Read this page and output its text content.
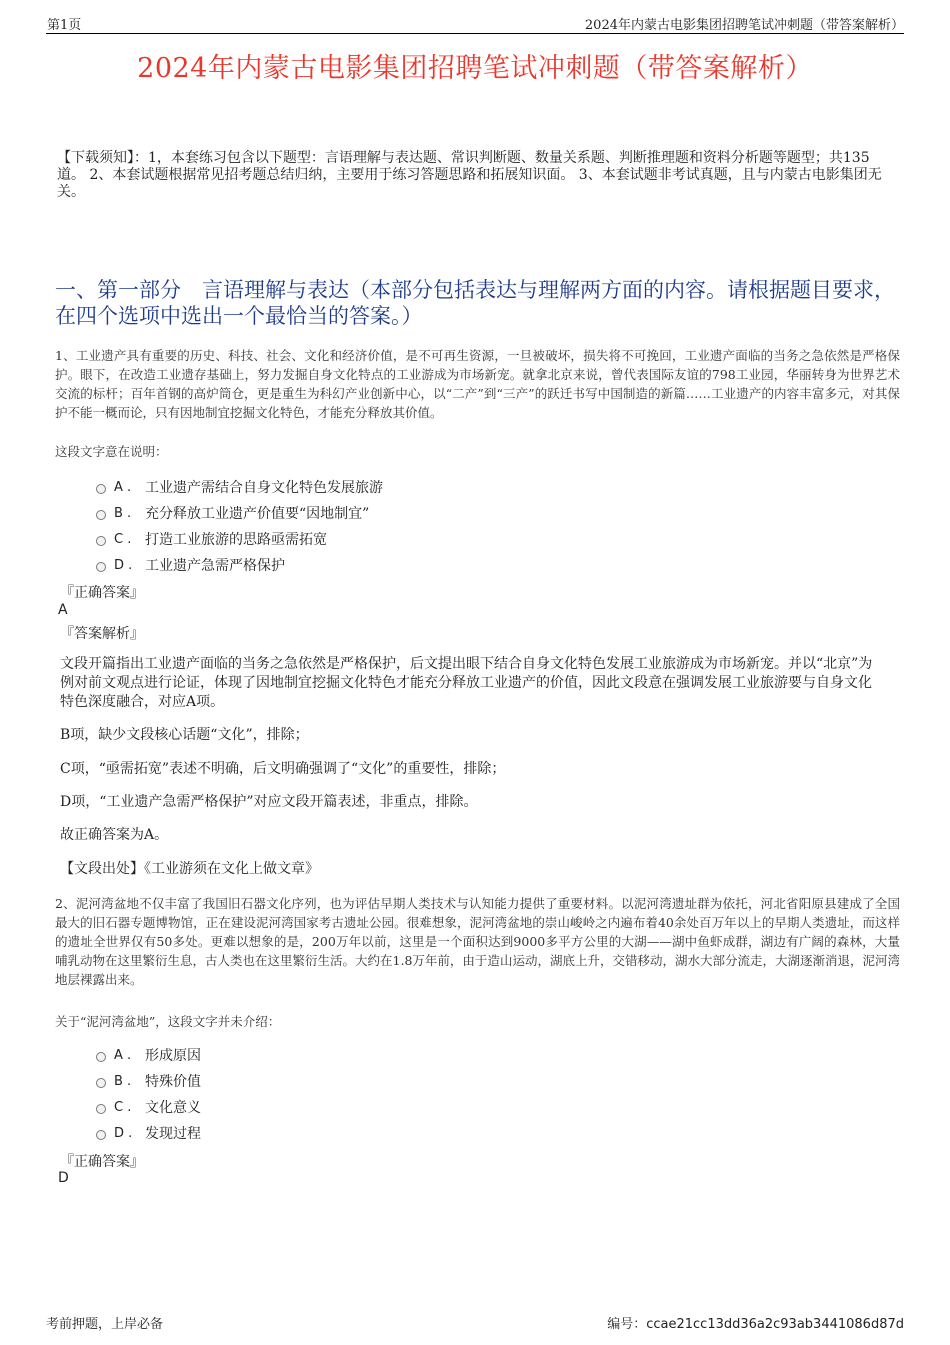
第1页	2024年内蒙古电影集团招聘笔试冲刺题（带答案解析）
2024年内蒙古电影集团招聘笔试冲刺题（带答案解析）
【下载须知】：1，本套练习包含以下题型：言语理解与表达题、常识判断题、数量关系题、判断推理题和资料分析题等题型；共135道。 2、本套试题根据常见招考题总结归纳，主要用于练习答题思路和拓展知识面。 3、本套试题非考试真题，且与内蒙古电影集团无关。
一、第一部分　言语理解与表达（本部分包括表达与理解两方面的内容。请根据题目要求，在四个选项中选出一个最恰当的答案。）
1、工业遗产具有重要的历史、科技、社会、文化和经济价值，是不可再生资源，一旦被破坏，损失将不可挽回，工业遗产面临的当务之急依然是严格保护。眼下，在改造工业遗存基础上，努力发掘自身文化特点的工业游成为市场新宠。就拿北京来说，曾代表国际友谊的798工业园，华丽转身为世界艺术交流的标杆；百年首钢的高炉筒仓，更是重生为科幻产业创新中心，以“二产”到“三产”的跃迁书写中国制造的新篇……工业遗产的内容丰富多元，对其保护不能一概而论，只有因地制宜挖掘文化特色，才能充分释放其价值。
这段文字意在说明：
A . 工业遗产需结合自身文化特色发展旅游
B . 充分释放工业遗产价值要“因地制宜”
C . 打造工业旅游的思路亟需拓宽
D . 工业遗产急需严格保护
『正确答案』
A
『答案解析』
文段开篇指出工业遗产面临的当务之急依然是严格保护，后文提出眼下结合自身文化特色发展工业旅游成为市场新宠。并以“北京”为例对前文观点进行论证，体现了因地制宜挖掘文化特色才能充分释放工业遗产的价值，因此文段意在强调发展工业旅游要与自身文化特色深度融合，对应A项。
B项，缺少文段核心话题“文化”，排除；
C项，“亟需拓宽”表述不明确，后文明确强调了“文化”的重要性，排除；
D项，“工业遗产急需严格保护”对应文段开篇表述，非重点，排除。
故正确答案为A。
【文段出处】《工业游须在文化上做文章》
2、泥河湾盆地不仅丰富了我国旧石器文化序列，也为评估早期人类技术与认知能力提供了重要材料。以泥河湾遗址群为依托，河北省阳原县建成了全国最大的旧石器专题博物馆，正在建设泥河湾国家考古遗址公园。很难想象，泥河湾盆地的崇山峻岭之内遍布着40余处百万年以上的早期人类遗址，而这样的遗址全世界仅有50多处。更难以想象的是，200万年以前，这里是一个面积达到9000多平方公里的大湖——湖中鱼虾成群，湖边有广阔的森林，大量哺乳动物在这里繁衍生息，古人类也在这里繁衍生活。大约在1.8万年前，由于造山运动，湖底上升，交错移动，湖水大部分流走，大湖逐渐消退，泥河湾地层裸露出来。
关于“泥河湾盆地”，这段文字并未介绍：
A . 形成原因
B . 特殊价值
C . 文化意义
D . 发现过程
『正确答案』
D
考前押题，上岸必备	编号：ccae21cc13dd36a2c93ab3441086d87d
